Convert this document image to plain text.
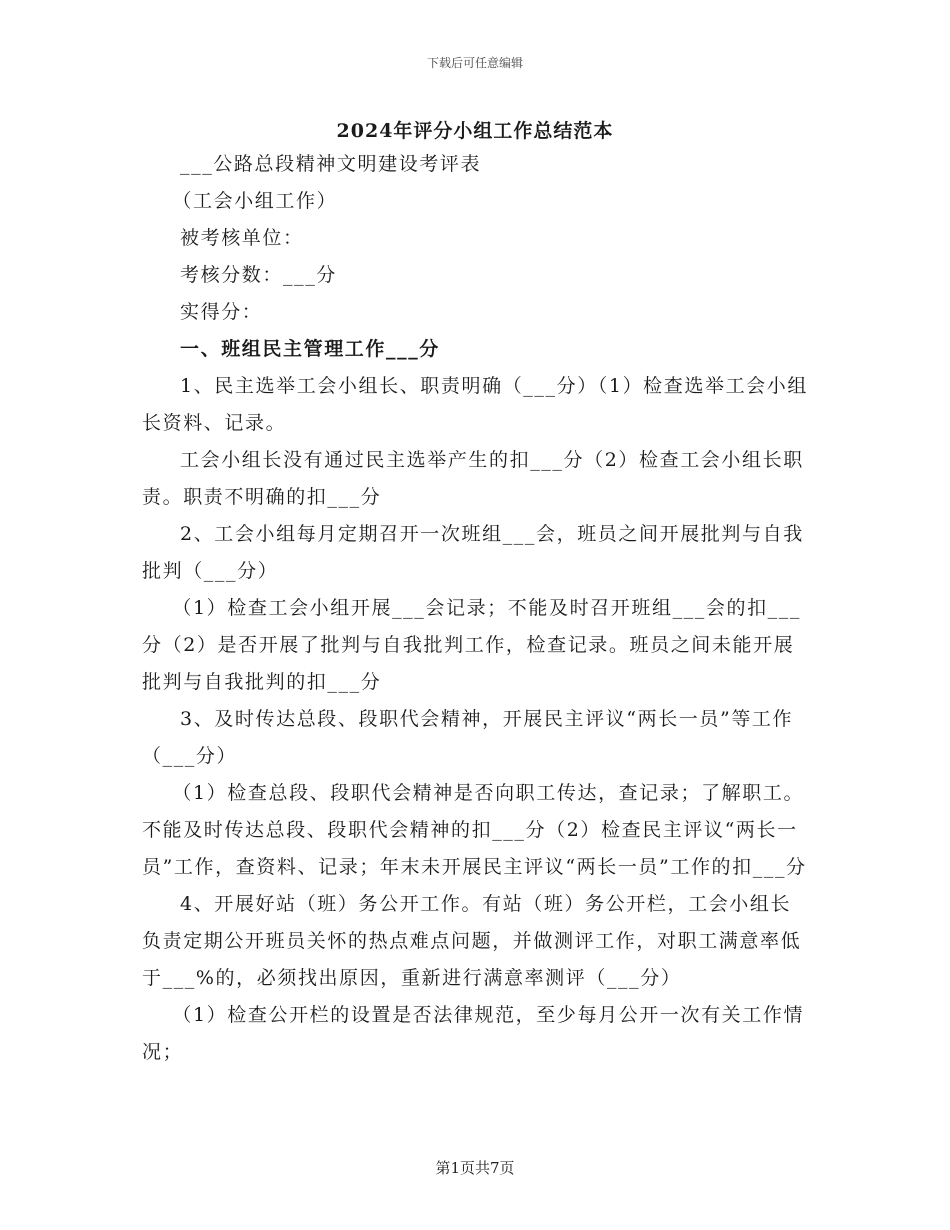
下载后可任意编辑
2024年评分小组工作总结范本

___公路总段精神文明建设考评表

（工会小组工作）

被考核单位：

考核分数：___分

实得分：

一、班组民主管理工作___分

1、民主选举工会小组长、职责明确（___分）（1）检查选举工会小组长资料、记录。

工会小组长没有通过民主选举产生的扣___分（2）检查工会小组长职责。职责不明确的扣___分

2、工会小组每月定期召开一次班组___会，班员之间开展批判与自我批判（___分）

（1）检查工会小组开展___会记录；不能及时召开班组___会的扣___分（2）是否开展了批判与自我批判工作，检查记录。班员之间未能开展批判与自我批判的扣___分

3、及时传达总段、段职代会精神，开展民主评议“两长一员”等工作（___分）

（1）检查总段、段职代会精神是否向职工传达，查记录；了解职工。不能及时传达总段、段职代会精神的扣___分（2）检查民主评议“两长一员”工作，查资料、记录；年末未开展民主评议“两长一员”工作的扣___分

4、开展好站（班）务公开工作。有站（班）务公开栏，工会小组长负责定期公开班员关怀的热点难点问题，并做测评工作，对职工满意率低于___%的，必须找出原因，重新进行满意率测评（___分）

（1）检查公开栏的设置是否法律规范，至少每月公开一次有关工作情况；

第1页共7页
